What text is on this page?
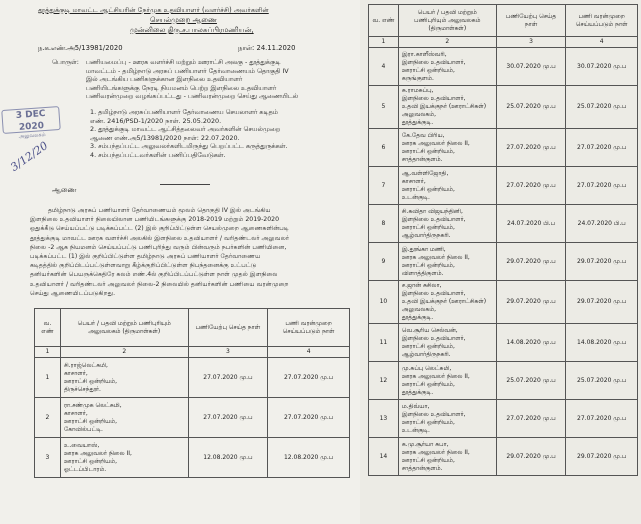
தூத்துக்குடி மாவட்ட ஆட்சியரின் நேர்முக உதவியாளர் (வளர்ச்சி) அவர்களின்
செயல்முறை ஆணை
முன்னிலை திரு.ச.பாலசுப்பிரமணியன்,
ந.க.எண்.அ5/13981/2020	நாள்: 24.11.2020
பொருள்: பணியமைப்பு - ஊரக வளர்ச்சி மற்றும் ஊராட்சி அலகு - தூத்துக்குடி
மாவட்டம் - தமிழ்நாடு அரசுப் பணியாளர் தேர்வாணையம் தொகுதி IV
இல் அடங்கிய பணிகளுக்கான இளநிலை உதவியாளர்
பணியிடங்களுக்கு நேரடி நியமனம் பெற்ற இளநிலை உதவியாளர்
பணிவரன்முறை வழங்கப்பட்டது - பணிவரன்முறை செய்து ஆணையிடல்
1. தமிழ்நாடு அரசுப்பணியாளர் தேர்வாணைய செயலாளர் கடிதம்
எண். 2416/PSD-1/2020 நாள். 25.05.2020.
2. தூத்துக்குடி மாவட்ட ஆட்சித்தலைவர் அவர்களின் செயல்முறை
ஆணை எண்.அ5/13981/2020 நாள்: 22.07.2020.
3. சம்பந்தப்பட்ட அலுவலர்களிடமிருந்து பெறப்பட்ட கருத்துருக்கள்.
4. சம்பந்தப்பட்டவர்களின் பணிப்பதிவேடுகள்.
3 DEC 2020
அலுவலகம்
3/12/20
ஆணை
தமிழ்நாடு அரசுப் பணியாளர் தேர்வாணையம் மூலம் தொகுதி IV இல் அடங்கிய
இளநிலை உதவியாளர் நிலையிலான பணியிடங்களுக்கு 2018-2019 மற்றும் 2019-2020
ஒதுக்கீடு செய்யப்பட்டு படிக்கப்பட்ட (2) இல் குறிப்பிட்டுள்ள செயல்முறை ஆணைகளின்படி
தூத்துக்குடி மாவட்ட ஊரக வளர்ச்சி அலகில் இளநிலை உதவியாளர் / வரிதண்டலர் அலுவலர்
நிலை -2 ஆக நியமனம் செய்யப்பட்டு பணிபுரிந்து வரும் பின்வரும் நபர்களின் பணியினை,
படிக்கப்பட்ட (1) இல் குறிப்பிட்டுள்ள தமிழ்நாடு அரசுப் பணியாளர் தேர்வாணைய
கடிதத்தில் குறிப்பிடப்பட்டுள்ளவாறு கீழ்க்குறிப்பிட்டுள்ள நிபந்தனைக்கு உட்பட்டு
தனியர்களின் பெயருக்கெதிரே கலம் எண்.4ல் குறிப்பிடப்பட்டுள்ள நாள் முதல் இளநிலை
உதவியாளர் / வரிதண்டலர் அலுவலர் நிலை-2 நிலையில் தனியர்களின் பணியை வரன்முறை
செய்து ஆணையிடப்படுகிறது.
வ. எண்	பெயர் / பதவி மற்றும் பணிபுரியும் அலுவலகம் (திருமாள்கள்)	பணியேற்பு செய்த நாள்	பணி வரன்முறை செய்யப்படும் நாள்
1	2	3	4
1	சி.ராஜ்லெட்சுமி,
காசாளர்,
ஊராட்சி ஒன்றியம்,
திருச்செந்தூர்.	27.07.2020 மு.ப	27.07.2020 மு.ப
2	ரா.சண்முக லெட்சுமி,
காசாளர்,
ஊராட்சி ஒன்றியம்,
கோவில்பட்டி.	27.07.2020 மு.ப	27.07.2020 மு.ப
3	உ.வையாஸ்,
ஊரக அலுவலர் நிலை II,
ஊராட்சி ஒன்றியம்,
ஓட்டப்பிடாரம்.	12.08.2020 மு.ப	12.08.2020 மு.ப
வ. எண்	பெயர் / பதவி மற்றும் பணிபுரியும் அலுவலகம் (திருமாள்கள்)	பணியேற்பு செய்த நாள்	பணி வரன்முறை செய்யப்படும் நாள்
1	2	3	4
4	இரா.காளீஸ்வரி,
இளநிலை உதவியாளர்,
ஊராட்சி ஒன்றியம்,
கருங்குளம்.	30.07.2020 மு.ப	30.07.2020 மு.ப
5	சு.ராமசுப்பு,
இளநிலை உதவியாளர்,
உதவி இயக்குநர் (ஊராட்சிகள்)
அலுவலகம்,
தூத்துக்குடி.	25.07.2020 மு.ப	25.07.2020 மு.ப
6	கே.தேவ பிரிய,
ஊரக அலுவலர் நிலை II,
ஊராட்சி ஒன்றியம்,
சாத்தான்குளம்.	27.07.2020 மு.ப	27.07.2020 மு.ப
7	ஆ.வள்ளிஜோதி,
காசாளர்,
ஊராட்சி ஒன்றியம்,
உடன்குடி.	27.07.2020 மு.ப	27.07.2020 மு.ப
8	சி.கவிதா விஜயந்தினி,
இளநிலை உதவியாளர்,
ஊராட்சி ஒன்றியம்,
ஆழ்வார்திருநகரி.	24.07.2020 பி.ப	24.07.2020 பி.ப
9	இ.தூங்கா மணி,
ஊரக அலுவலர் நிலை II,
ஊராட்சி ஒன்றியம்,
விளாத்திகுளம்.	29.07.2020 மு.ப	29.07.2020 மு.ப
10	ச.ஜான் சுசிலா,
இளநிலை உதவியாளர்,
உதவி இயக்குநர் (ஊராட்சிகள்)
அலுவலகம்,
தூத்துக்குடி.	29.07.2020 மு.ப	29.07.2020 மு.ப
11	வெ.சூரிய செல்வன்,
இளநிலை உதவியாளர்,
ஊராட்சி ஒன்றியம்,
ஆழ்வார்திருநகரி.	14.08.2020 மு.ப	14.08.2020 மு.ப
12	மு.சுப்பு லெட்சுமி,
ஊரக அலுவலர் நிலை II,
ஊராட்சி ஒன்றியம்,
தூத்துக்குடி.	25.07.2020 மு.ப	25.07.2020 மு.ப
13	ம.திவ்யா,
இளநிலை உதவியாளர்,
ஊராட்சி ஒன்றியம்,
உடன்குடி.	27.07.2020 மு.ப	27.07.2020 மு.ப
14	க.மு.சூர்யா சுபா,
ஊரக அலுவலர் நிலை II,
ஊராட்சி ஒன்றியம்,
சாத்தான்குளம்.	29.07.2020 மு.ப	29.07.2020 மு.ப
